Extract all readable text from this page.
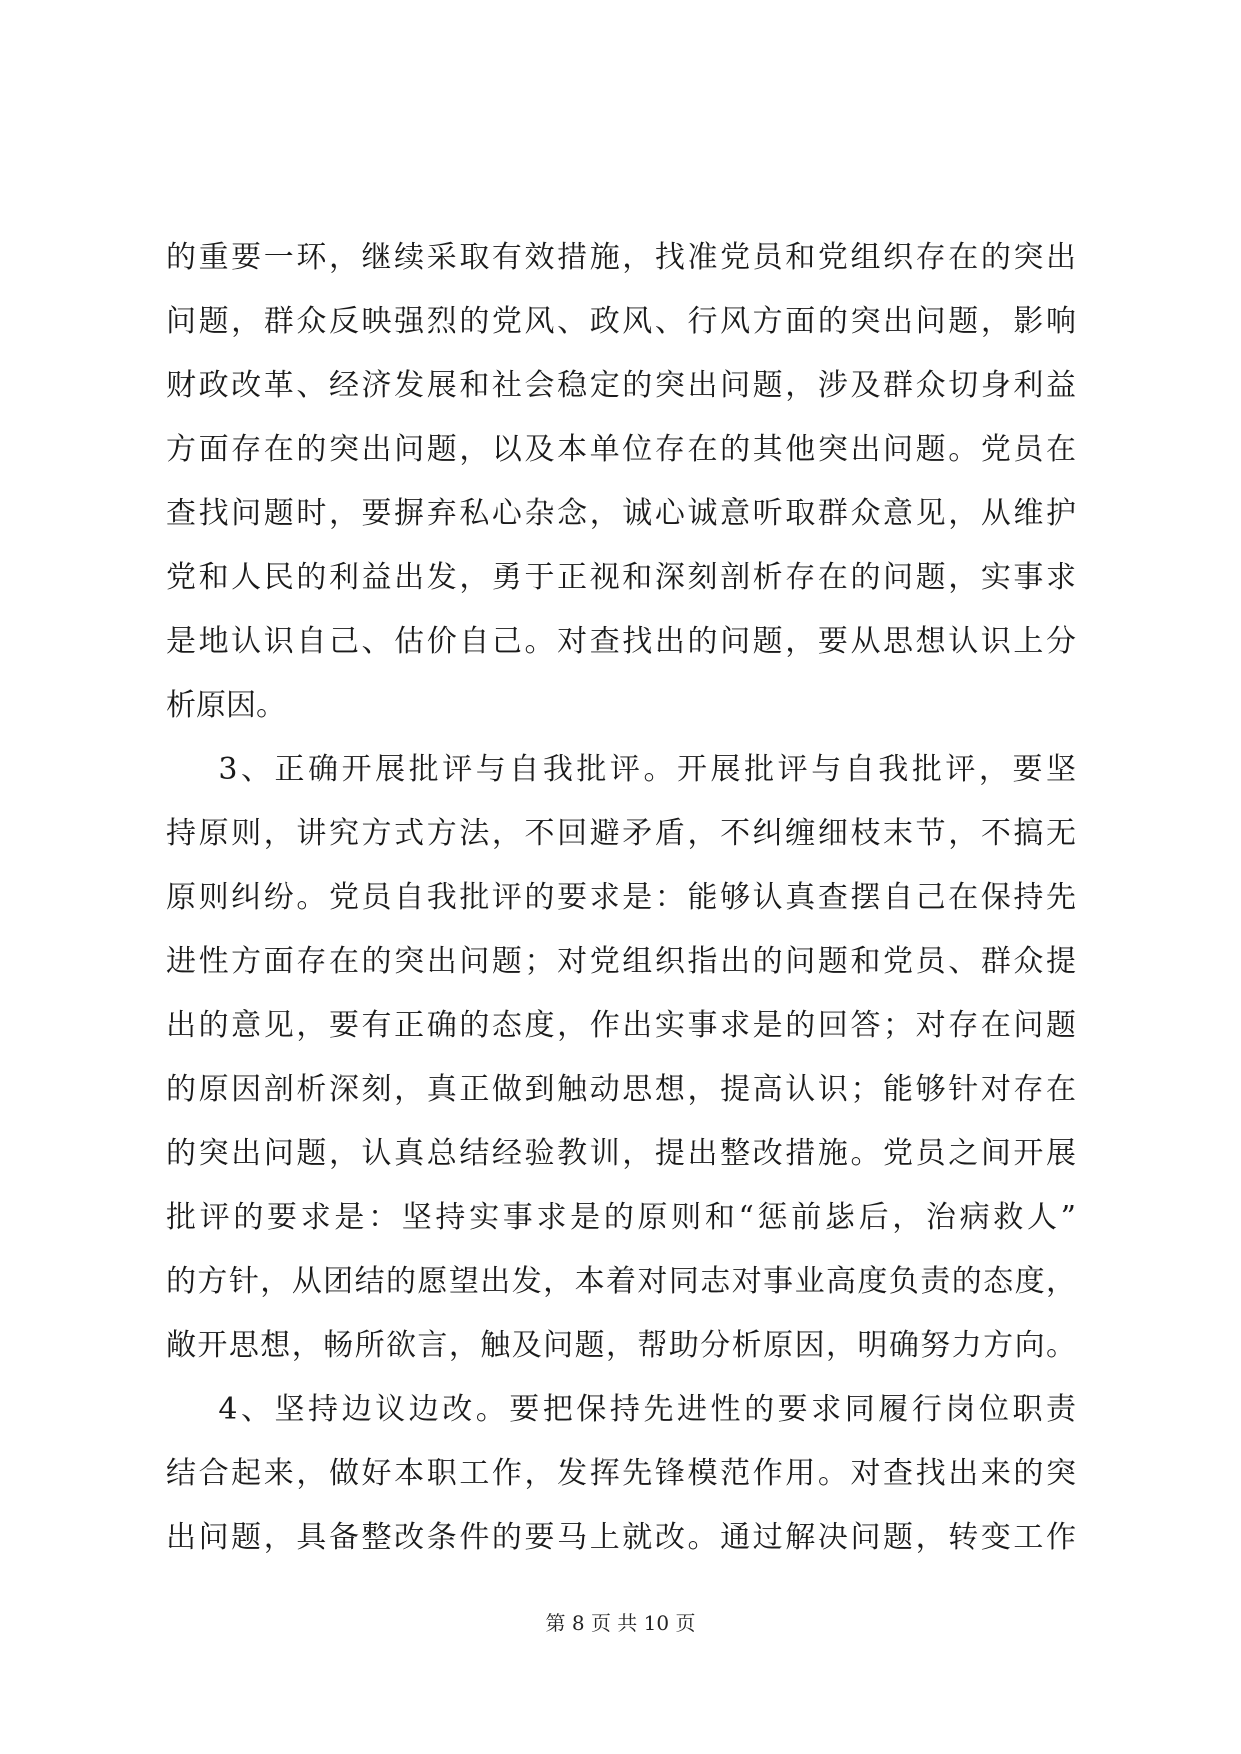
的重要一环，继续采取有效措施，找准党员和党组织存在的突出
问题，群众反映强烈的党风、政风、行风方面的突出问题，影响
财政改革、经济发展和社会稳定的突出问题，涉及群众切身利益
方面存在的突出问题，以及本单位存在的其他突出问题。党员在
查找问题时，要摒弃私心杂念，诚心诚意听取群众意见，从维护
党和人民的利益出发，勇于正视和深刻剖析存在的问题，实事求
是地认识自己、估价自己。对查找出的问题，要从思想认识上分
析原因。
3、正确开展批评与自我批评。开展批评与自我批评，要坚
持原则，讲究方式方法，不回避矛盾，不纠缠细枝末节，不搞无
原则纠纷。党员自我批评的要求是：能够认真查摆自己在保持先
进性方面存在的突出问题；对党组织指出的问题和党员、群众提
出的意见，要有正确的态度，作出实事求是的回答；对存在问题
的原因剖析深刻，真正做到触动思想，提高认识；能够针对存在
的突出问题，认真总结经验教训，提出整改措施。党员之间开展
批评的要求是：坚持实事求是的原则和“惩前毖后，治病救人”
的方针，从团结的愿望出发，本着对同志对事业高度负责的态度，
敞开思想，畅所欲言，触及问题，帮助分析原因，明确努力方向。
4、坚持边议边改。要把保持先进性的要求同履行岗位职责
结合起来，做好本职工作，发挥先锋模范作用。对查找出来的突
出问题，具备整改条件的要马上就改。通过解决问题，转变工作
第 8 页 共 10 页
